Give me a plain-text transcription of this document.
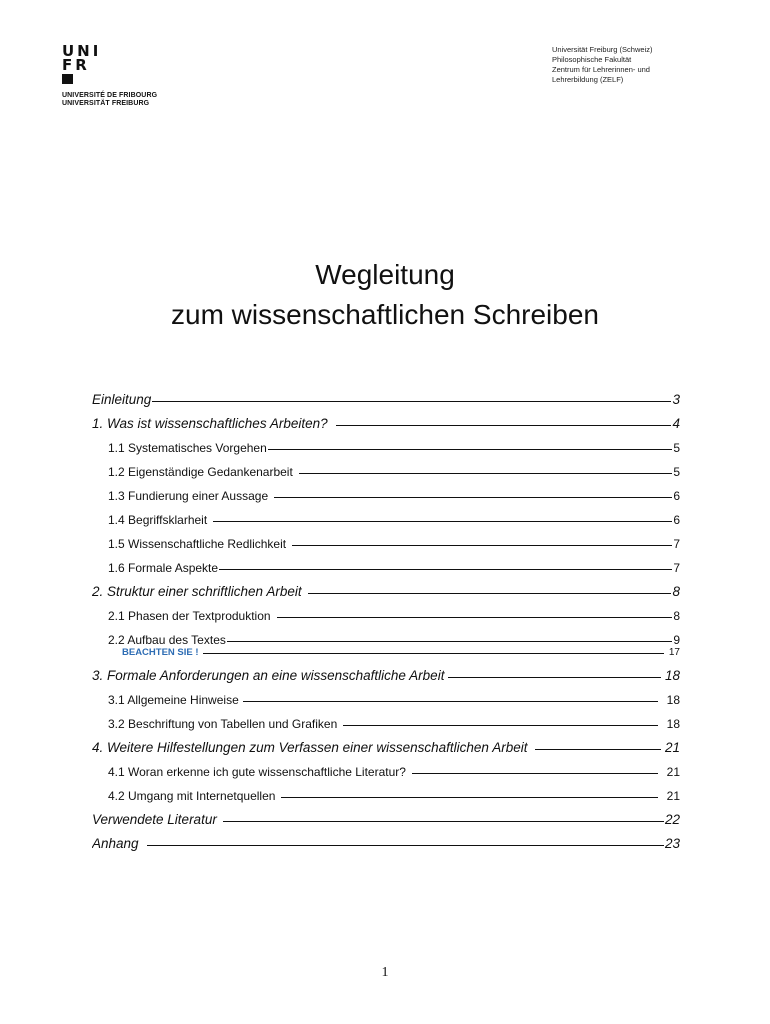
UNI
FR
UNIVERSITÉ DE FRIBOURG
UNIVERSITÄT FREIBURG
Universität Freiburg (Schweiz)
Philosophische Fakultät
Zentrum für Lehrerinnen- und
Lehrerbildung (ZELF)
Wegleitung
zum wissenschaftlichen Schreiben
Einleitung	3
1. Was ist wissenschaftliches Arbeiten?	4
1.1 Systematisches Vorgehen	5
1.2 Eigenständige Gedankenarbeit	5
1.3 Fundierung einer Aussage	6
1.4 Begriffsklarheit	6
1.5 Wissenschaftliche Redlichkeit	7
1.6 Formale Aspekte	7
2. Struktur einer schriftlichen Arbeit	8
2.1 Phasen der Textproduktion	8
2.2 Aufbau des Textes	9
BEACHTEN SIE !	17
3. Formale Anforderungen an eine wissenschaftliche Arbeit	18
3.1 Allgemeine Hinweise	18
3.2 Beschriftung von Tabellen und Grafiken	18
4. Weitere Hilfestellungen zum Verfassen einer wissenschaftlichen Arbeit	21
4.1 Woran erkenne ich gute wissenschaftliche Literatur?	21
4.2 Umgang mit Internetquellen	21
Verwendete Literatur	22
Anhang	23
1
